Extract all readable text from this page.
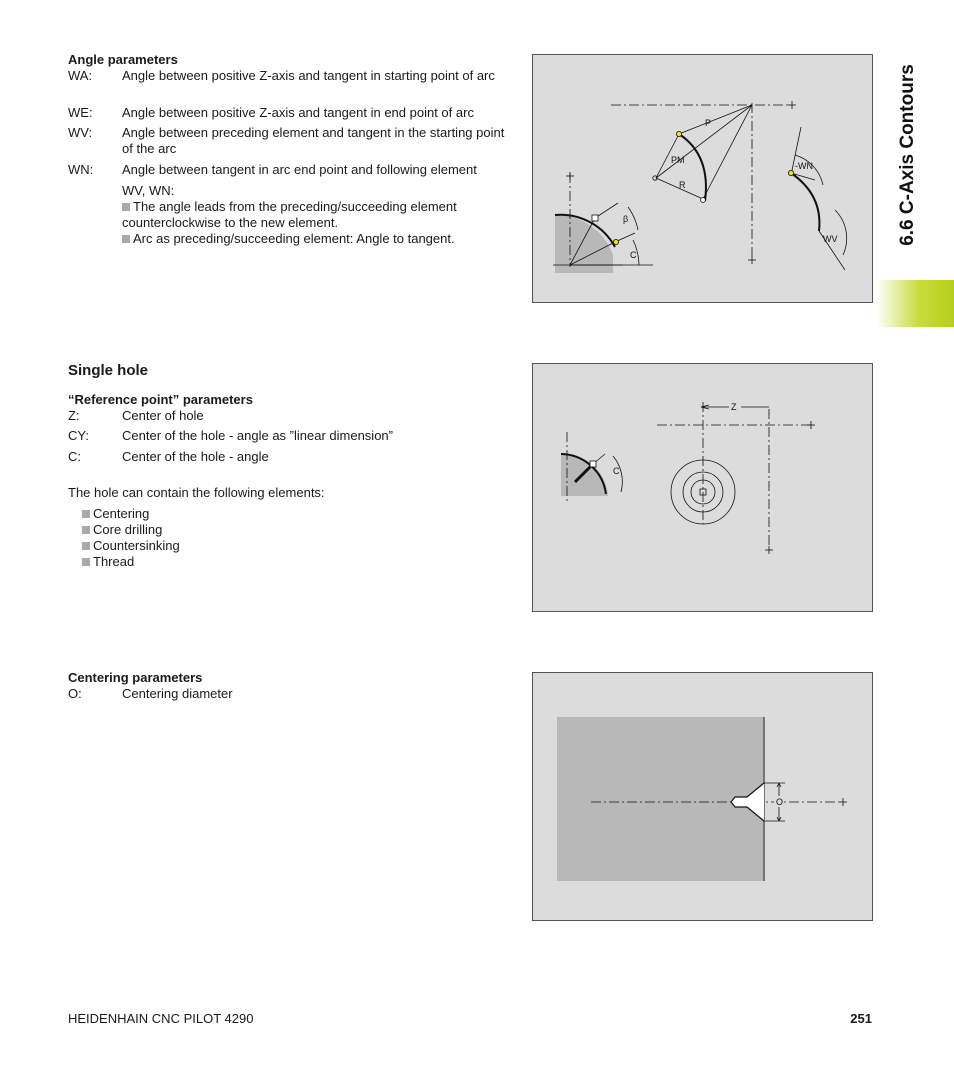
6.6 C-Axis Contours
Angle parameters
WA: Angle between positive Z-axis and tangent in starting point of arc
WE: Angle between positive Z-axis and tangent in end point of arc
WV: Angle between preceding element and tangent in the starting point of the arc
WN: Angle between tangent in arc end point and following element
WV, WN:
The angle leads from the preceding/succeeding element counterclockwise to the new element.
Arc as preceding/succeeding element: Angle to tangent.
P
PM
R
-WN
WV
C
β
Single hole
“Reference point” parameters
Z:	Center of hole
CY:	Center of the hole - angle as ”linear dimension”
C:	Center of the hole - angle
The hole can contain the following elements:
Centering
Core drilling
Countersinking
Thread
Z
C
Centering parameters
O:	Centering diameter
O
HEIDENHAIN CNC PILOT 4290	251
